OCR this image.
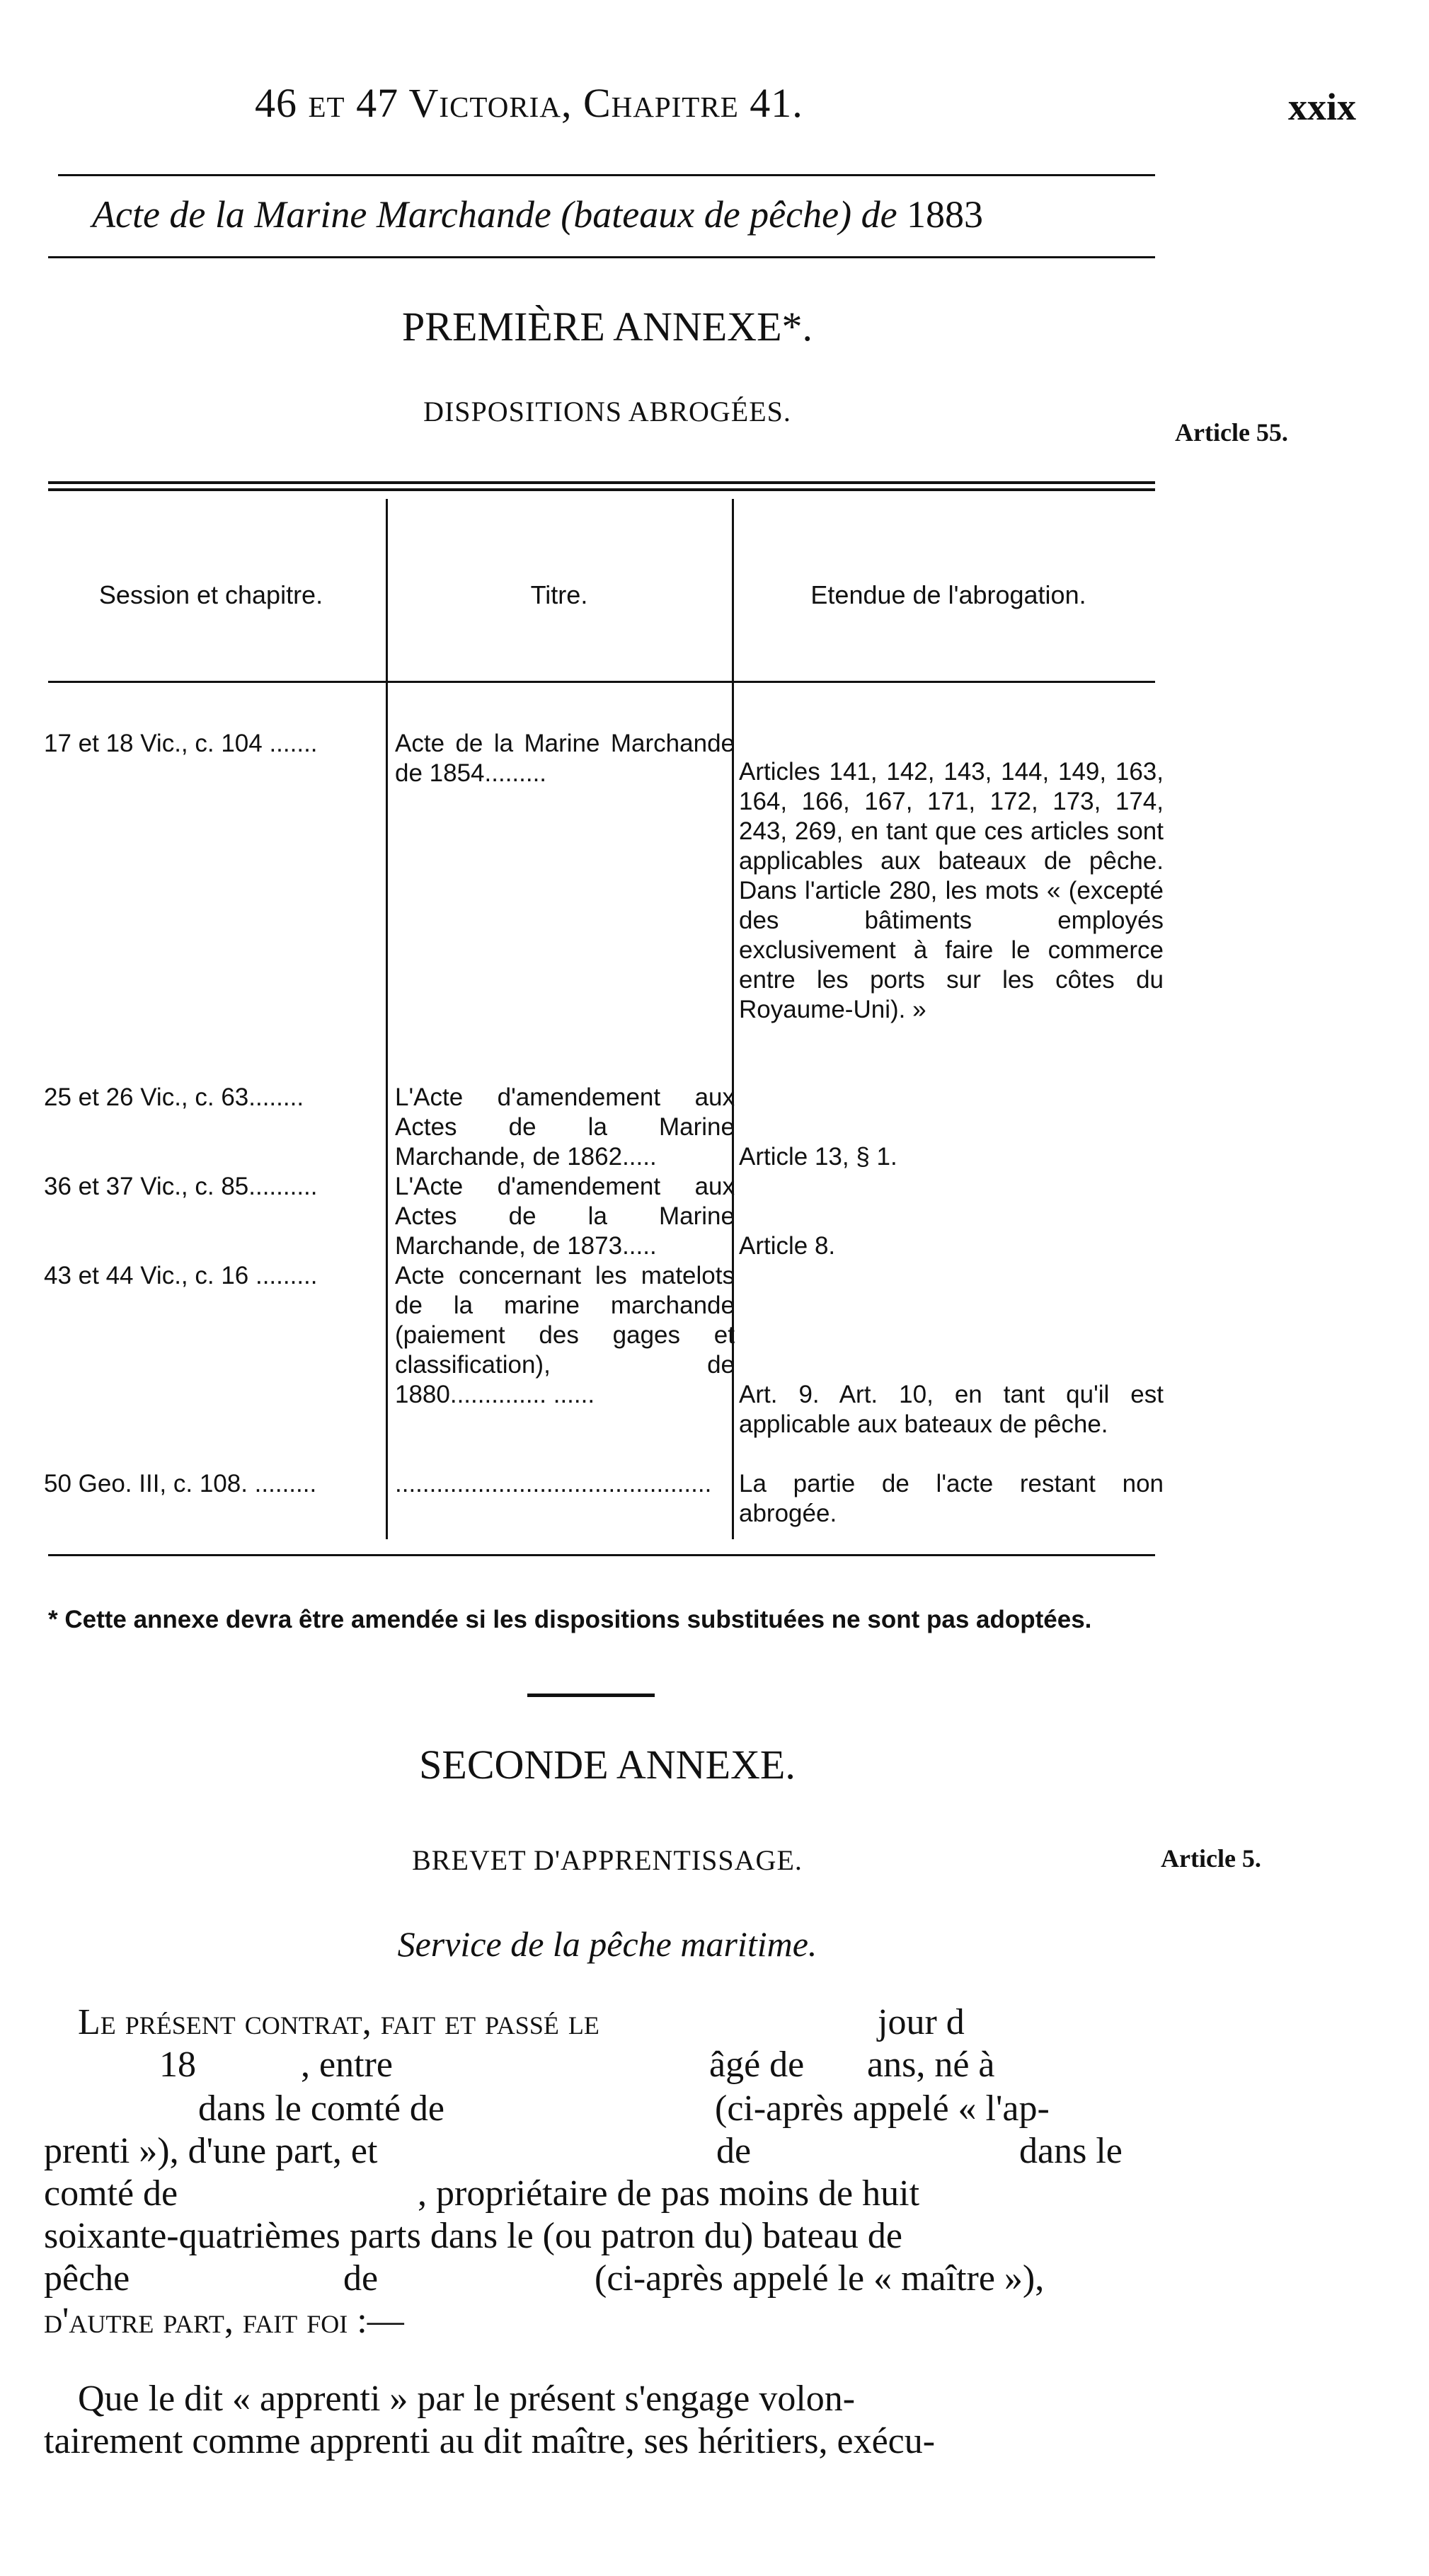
46 et 47 Victoria, Chapitre 41.	xxix
Acte de la Marine Marchande (bateaux de pêche) de 1883
PREMIÈRE ANNEXE*.
DISPOSITIONS ABROGÉES.
Article 55.
Session et chapitre.	Titre.	Etendue de l'abrogation.
17 et 18 Vic., c. 104 .......	Acte de la Marine Marchande de 1854.........	Articles 141, 142, 143, 144, 149, 163, 164, 166, 167, 171, 172, 173, 174, 243, 269, en tant que ces articles sont applicables aux bateaux de pêche. Dans l'article 280, les mots « (excepté des bâtiments employés exclusivement à faire le commerce entre les ports sur les côtes du Royaume-Uni). »
25 et 26 Vic., c. 63........	L'Acte d'amendement aux Actes de la Marine Marchande, de 1862.....	Article 13, § 1.
36 et 37 Vic., c. 85..........	L'Acte d'amendement aux Actes de la Marine Marchande, de 1873.....	Article 8.
43 et 44 Vic., c. 16 .........	Acte concernant les matelots de la marine marchande (paiement des gages et classification), de 1880.............. ......	Art. 9. Art. 10, en tant qu'il est applicable aux bateaux de pêche.
50 Geo. III, c. 108. .........	..............................................	La partie de l'acte restant non abrogée.
* Cette annexe devra être amendée si les dispositions substituées ne sont pas adoptées.
SECONDE ANNEXE.
BREVET D'APPRENTISSAGE.	Article 5.
Service de la pêche maritime.
Le présent contrat, fait et passé le	jour d
18	, entre	âgé de ans, né à
dans le comté de	(ci-après appelé « l'ap-
prenti »), d'une part, et	de	dans le
comté de	, propriétaire de pas moins de huit
soixante-quatrièmes parts dans le (ou patron du) bateau de
pêche	de	(ci-après appelé le « maître »),
d'autre part, fait foi :—
Que le dit « apprenti » par le présent s'engage volon-
tairement comme apprenti au dit maître, ses héritiers, exécu-
